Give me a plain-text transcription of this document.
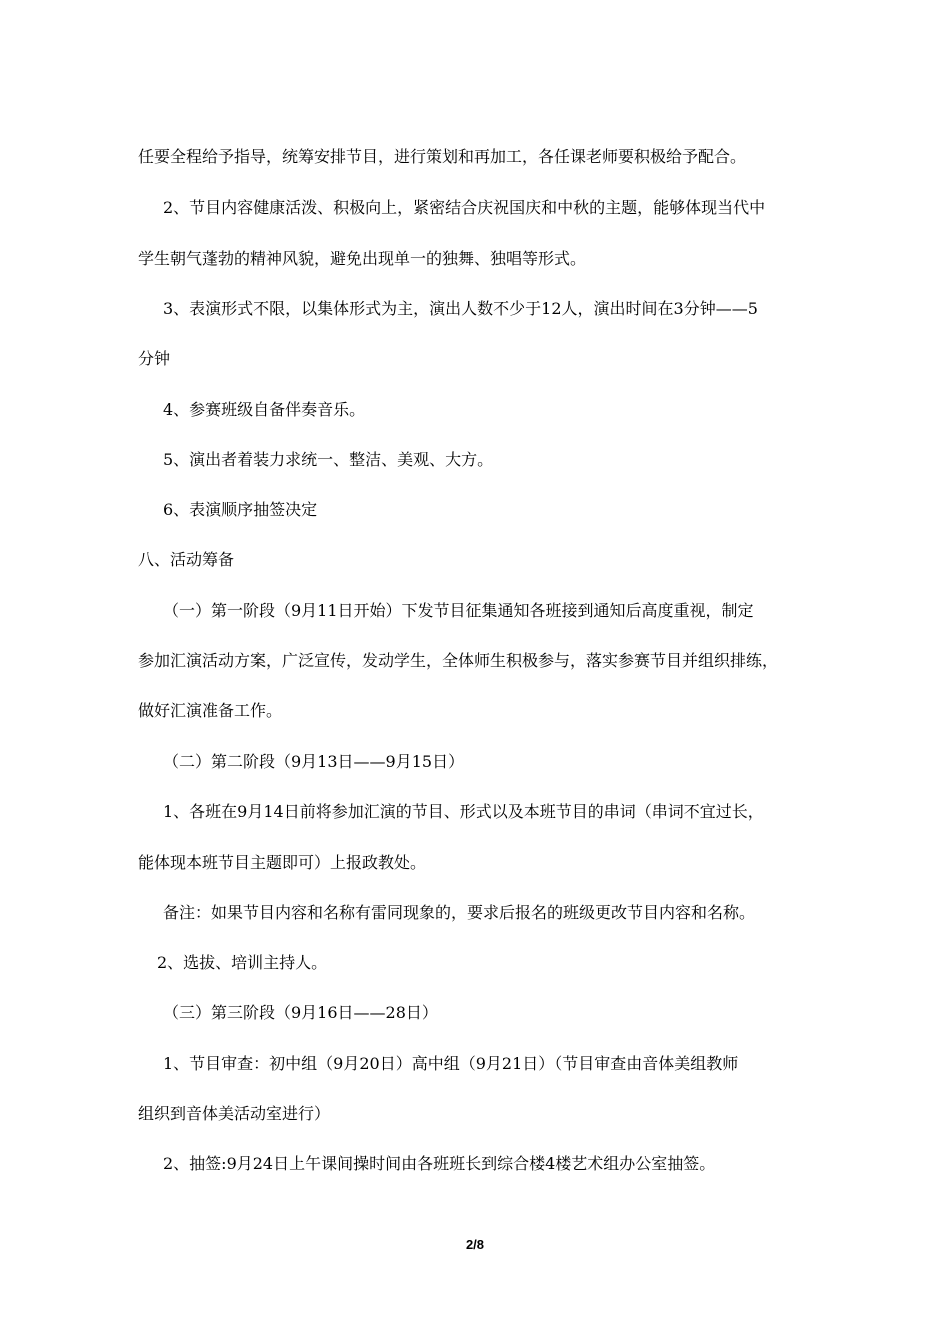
任要全程给予指导，统筹安排节目，进行策划和再加工，各任课老师要积极给予配合。

2、节目内容健康活泼、积极向上，紧密结合庆祝国庆和中秋的主题，能够体现当代中

学生朝气蓬勃的精神风貌，避免出现单一的独舞、独唱等形式。

3、表演形式不限，以集体形式为主，演出人数不少于12人，演出时间在3分钟——5

分钟

4、参赛班级自备伴奏音乐。

5、演出者着装力求统一、整洁、美观、大方。

6、表演顺序抽签决定

八、活动筹备

（一）第一阶段（9月11日开始）下发节目征集通知各班接到通知后高度重视，制定

参加汇演活动方案，广泛宣传，发动学生，全体师生积极参与，落实参赛节目并组织排练，

做好汇演准备工作。

（二）第二阶段（9月13日——9月15日）

1、各班在9月14日前将参加汇演的节目、形式以及本班节目的串词（串词不宜过长，

能体现本班节目主题即可）上报政教处。

备注：如果节目内容和名称有雷同现象的，要求后报名的班级更改节目内容和名称。

2、选拔、培训主持人。

（三）第三阶段（9月16日——28日）

1、节目审查：初中组（9月20日）高中组（9月21日）（节目审查由音体美组教师

组织到音体美活动室进行）

2、抽签:9月24日上午课间操时间由各班班长到综合楼4楼艺术组办公室抽签。

2/8
